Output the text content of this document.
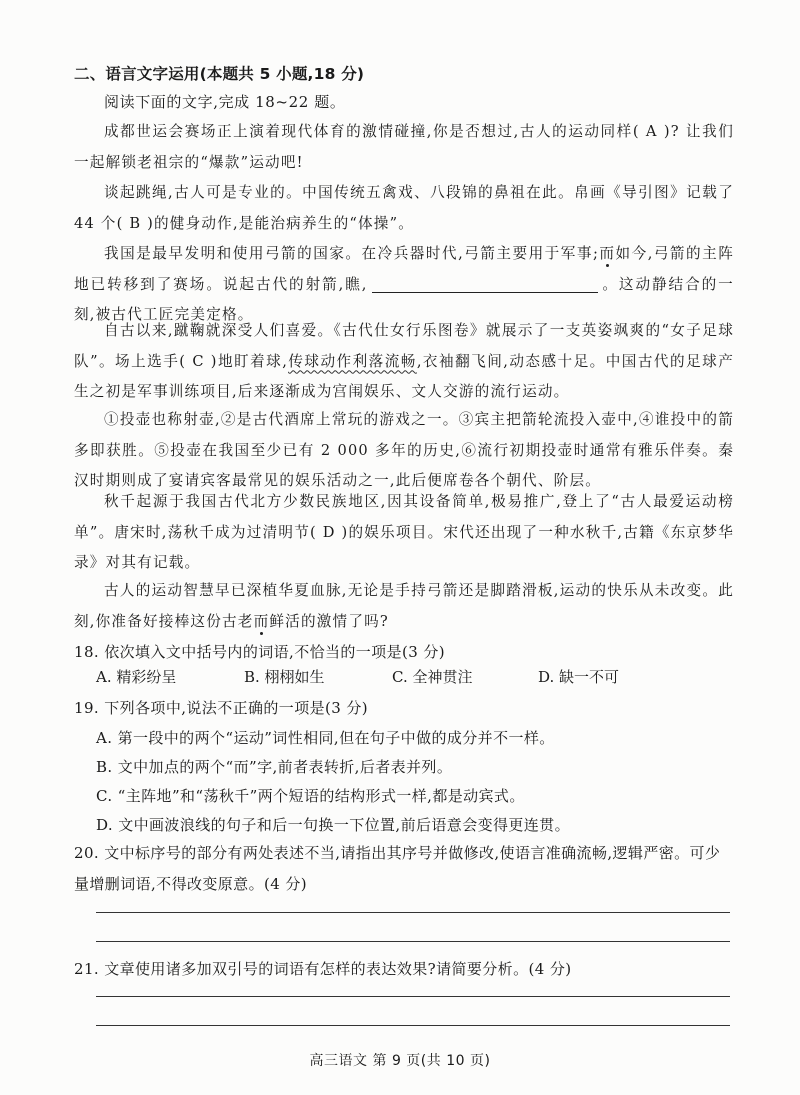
二、语言文字运用(本题共 5 小题,18 分)
阅读下面的文字,完成 18~22 题。
成都世运会赛场正上演着现代体育的激情碰撞,你是否想过,古人的运动同样( A )? 让我们一起解锁老祖宗的“爆款”运动吧!
谈起跳绳,古人可是专业的。中国传统五禽戏、八段锦的鼻祖在此。帛画《导引图》记载了 44 个( B )的健身动作,是能治病养生的“体操”。
我国是最早发明和使用弓箭的国家。在冷兵器时代,弓箭主要用于军事;而如今,弓箭的主阵地已转移到了赛场。说起古代的射箭,瞧,	。这动静结合的一刻,被古代工匠完美定格。
自古以来,蹴鞠就深受人们喜爱。《古代仕女行乐图卷》就展示了一支英姿飒爽的“女子足球队”。场上选手( C )地盯着球,传球动作利落流畅,衣袖翻飞间,动态感十足。中国古代的足球产生之初是军事训练项目,后来逐渐成为宫闱娱乐、文人交游的流行运动。
①投壶也称射壶,②是古代酒席上常玩的游戏之一。③宾主把箭轮流投入壶中,④谁投中的箭多即获胜。⑤投壶在我国至少已有 2 000 多年的历史,⑥流行初期投壶时通常有雅乐伴奏。秦汉时期则成了宴请宾客最常见的娱乐活动之一,此后便席卷各个朝代、阶层。
秋千起源于我国古代北方少数民族地区,因其设备简单,极易推广,登上了“古人最爱运动榜单”。唐宋时,荡秋千成为过清明节( D )的娱乐项目。宋代还出现了一种水秋千,古籍《东京梦华录》对其有记载。
古人的运动智慧早已深植华夏血脉,无论是手持弓箭还是脚踏滑板,运动的快乐从未改变。此刻,你准备好接棒这份古老而鲜活的激情了吗?
18. 依次填入文中括号内的词语,不恰当的一项是(3 分)
A. 精彩纷呈	B. 栩栩如生	C. 全神贯注	D. 缺一不可
19. 下列各项中,说法不正确的一项是(3 分)
A. 第一段中的两个“运动”词性相同,但在句子中做的成分并不一样。
B. 文中加点的两个“而”字,前者表转折,后者表并列。
C. “主阵地”和“荡秋千”两个短语的结构形式一样,都是动宾式。
D. 文中画波浪线的句子和后一句换一下位置,前后语意会变得更连贯。
20. 文中标序号的部分有两处表述不当,请指出其序号并做修改,使语言准确流畅,逻辑严密。可少量增删词语,不得改变原意。(4 分)
21. 文章使用诸多加双引号的词语有怎样的表达效果?请简要分析。(4 分)
高三语文 第 9 页(共 10 页)
